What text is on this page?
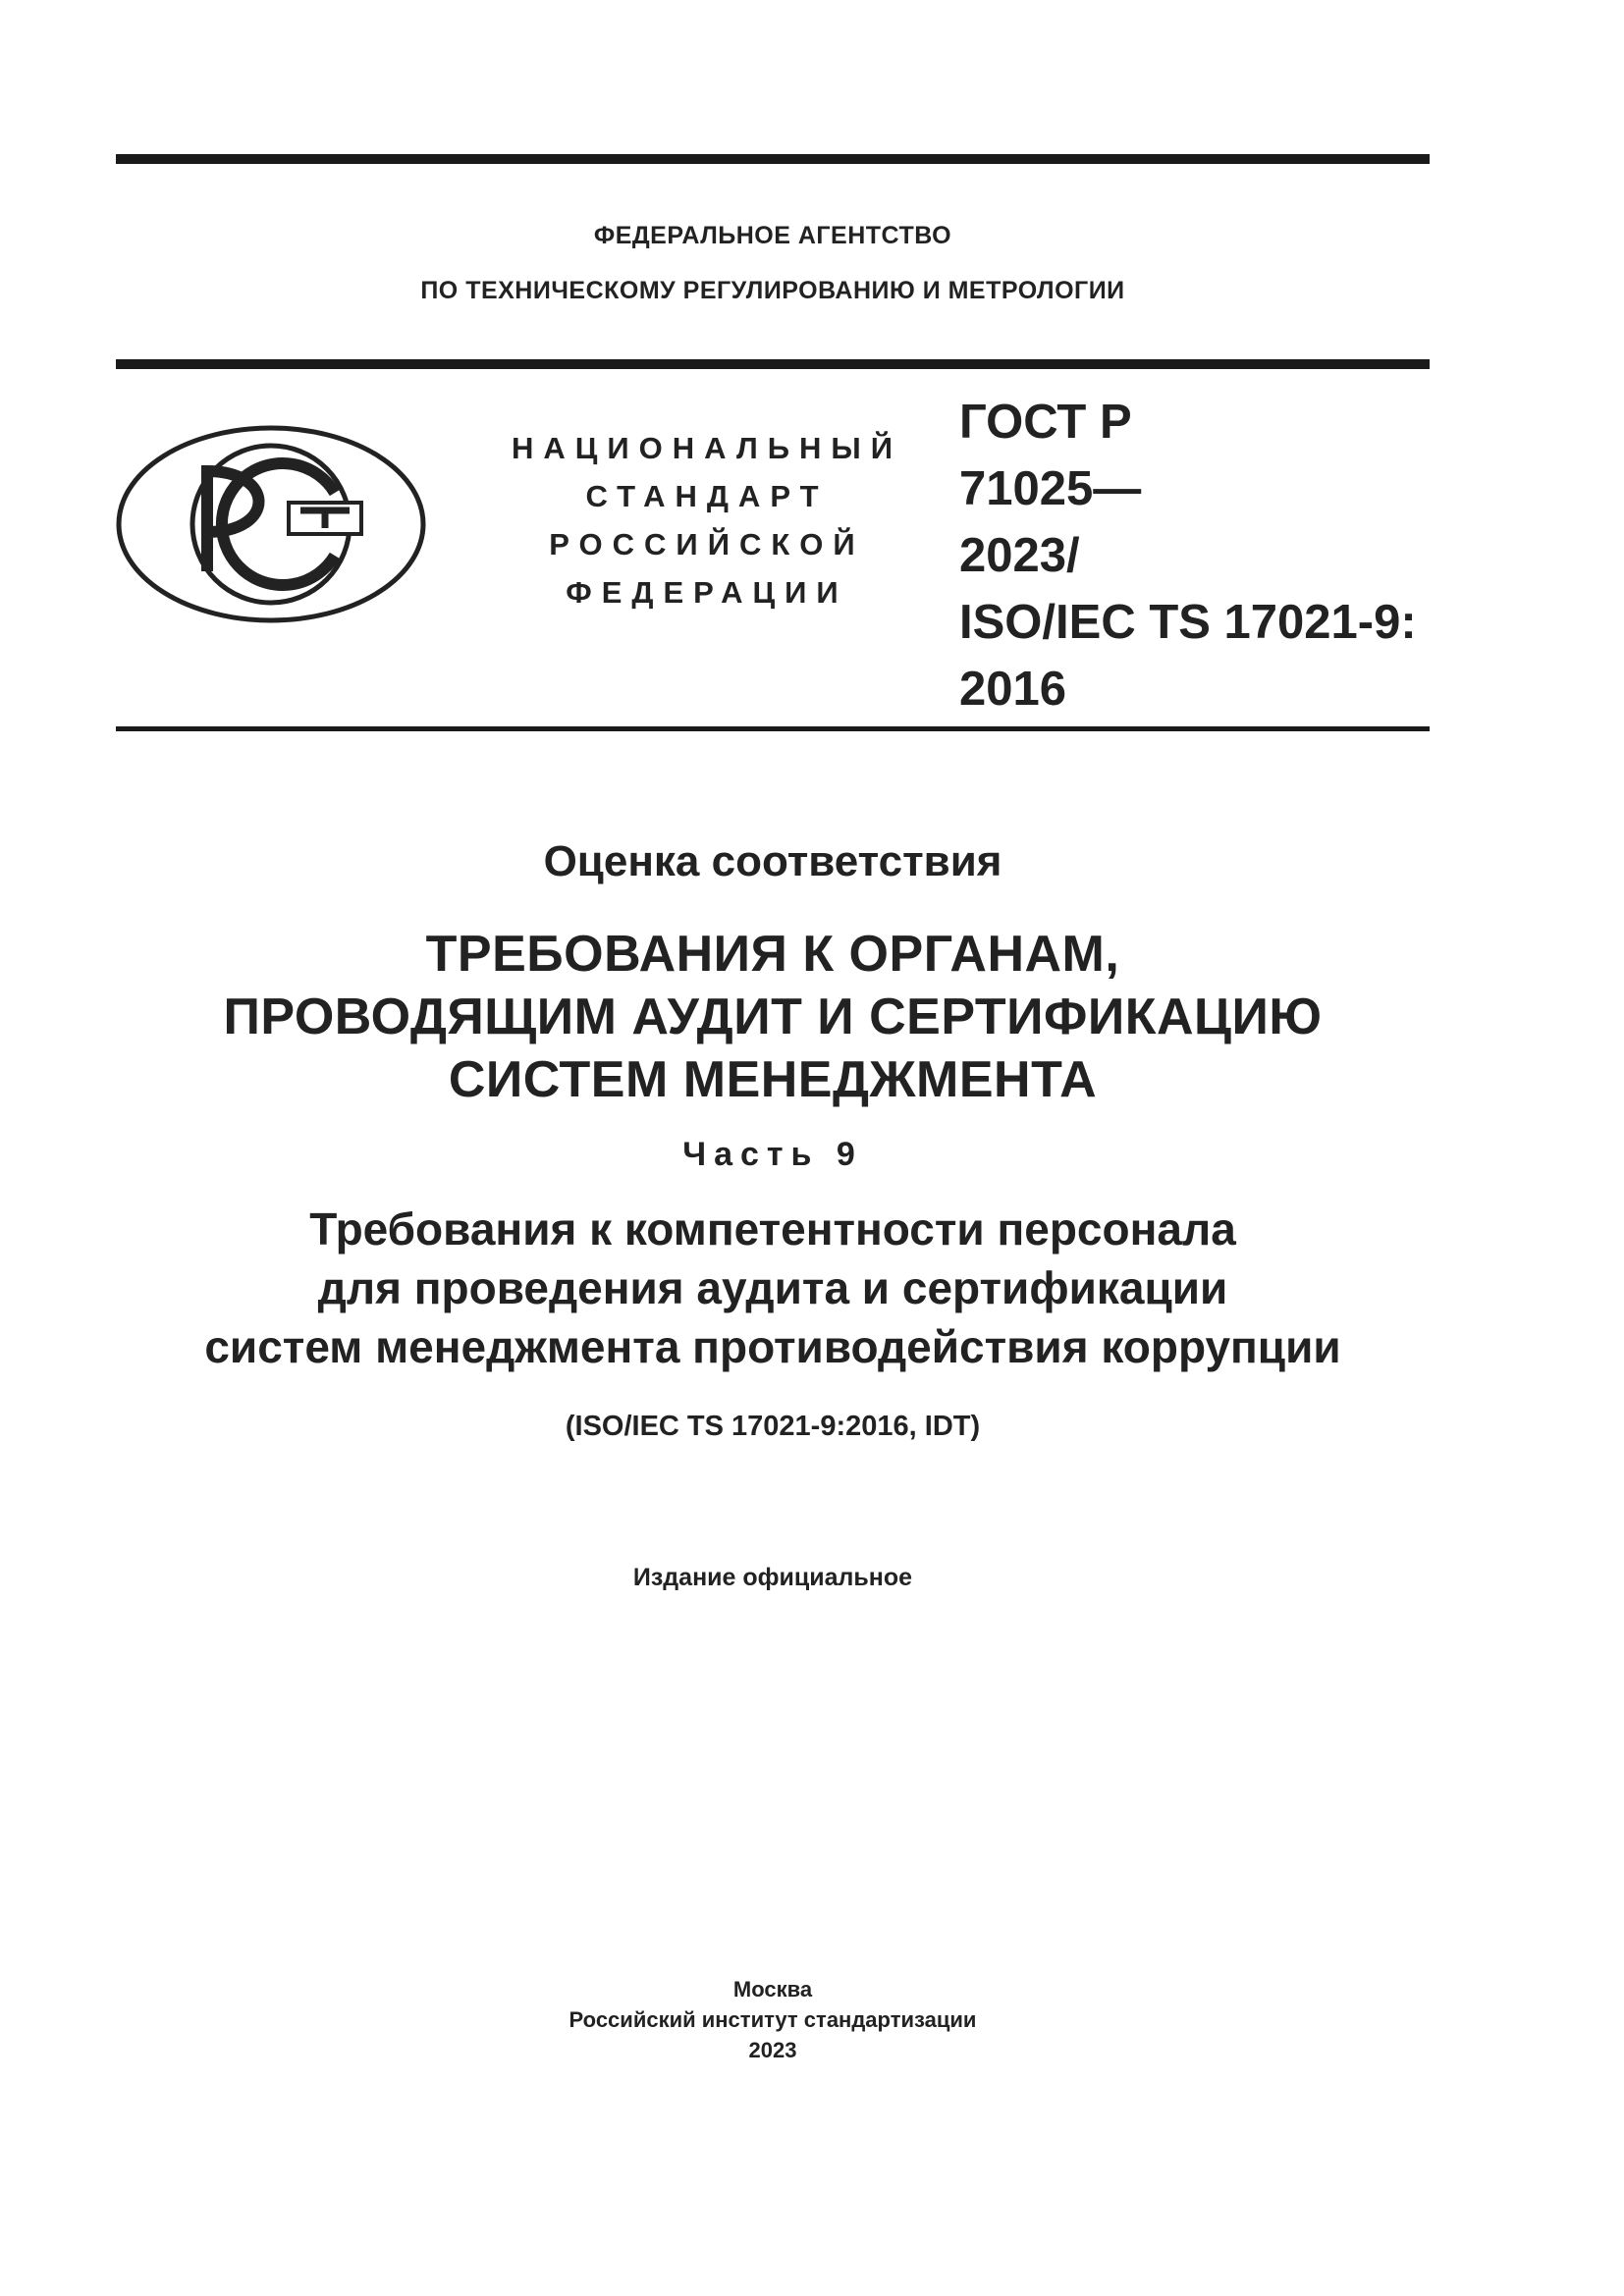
ФЕДЕРАЛЬНОЕ АГЕНТСТВО
ПО ТЕХНИЧЕСКОМУ РЕГУЛИРОВАНИЮ И МЕТРОЛОГИИ
НАЦИОНАЛЬНЫЙ
СТАНДАРТ
РОССИЙСКОЙ
ФЕДЕРАЦИИ
ГОСТ Р
71025—
2023/
ISO/IEC TS 17021-9:
2016
Оценка соответствия
ТРЕБОВАНИЯ К ОРГАНАМ,
ПРОВОДЯЩИМ АУДИТ И СЕРТИФИКАЦИЮ
СИСТЕМ МЕНЕДЖМЕНТА
Часть 9
Требования к компетентности персонала
для проведения аудита и сертификации
систем менеджмента противодействия коррупции
(ISO/IEC TS 17021-9:2016, IDT)
Издание официальное
Москва
Российский институт стандартизации
2023
